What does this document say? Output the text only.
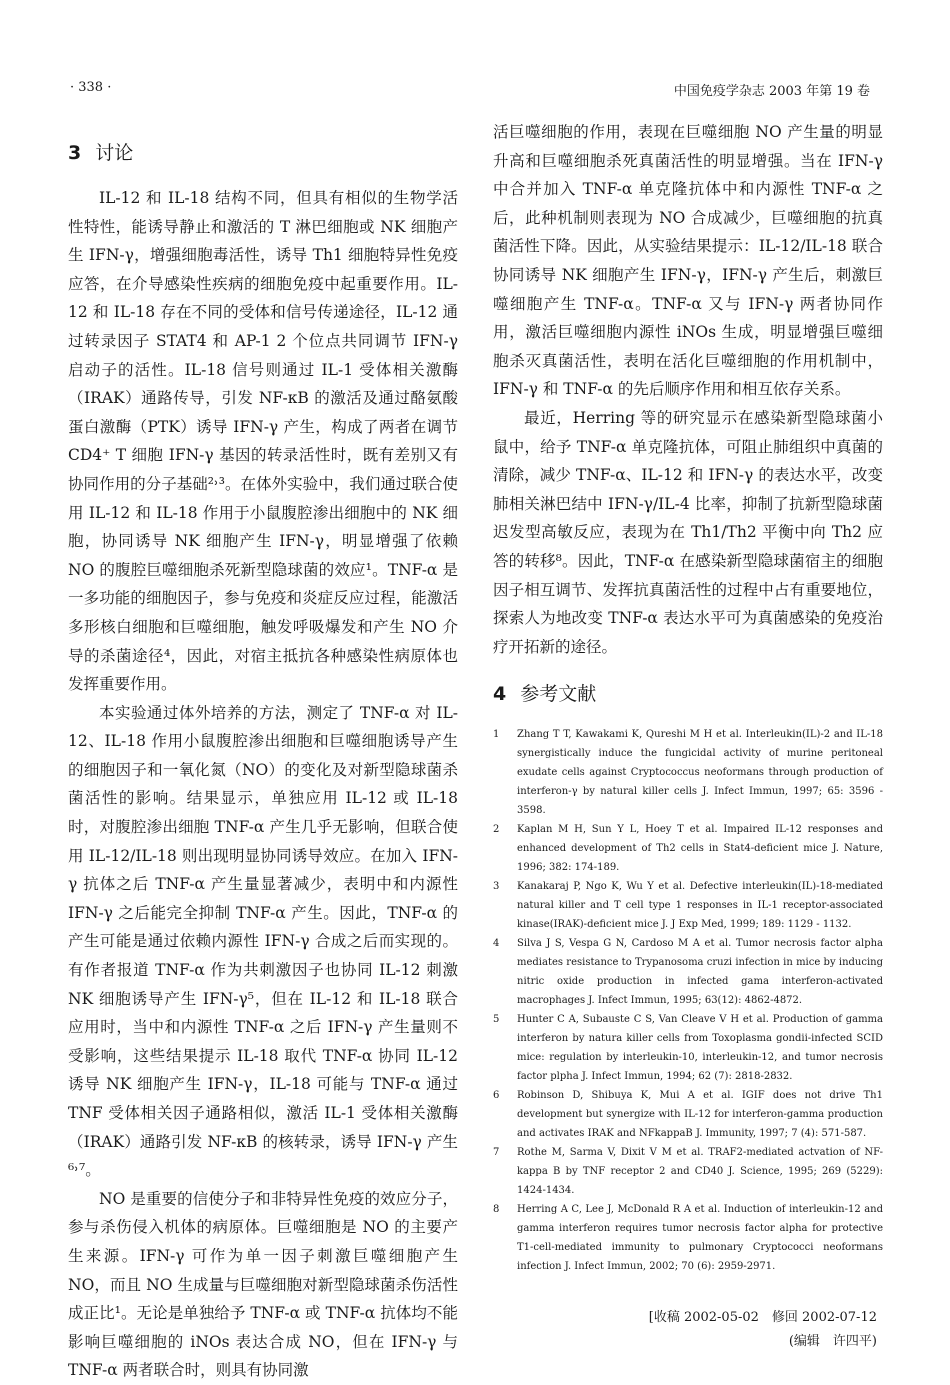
· 338 ·	中国免疫学杂志 2003 年第 19 卷
3 讨论

IL-12 和 IL-18 结构不同，但具有相似的生物学活性特性，能诱导静止和激活的 T 淋巴细胞或 NK 细胞产生 IFN-γ，增强细胞毒活性，诱导 Th1 细胞特异性免疫应答，在介导感染性疾病的细胞免疫中起重要作用。IL-12 和 IL-18 存在不同的受体和信号传递途径，IL-12 通过转录因子 STAT4 和 AP-1 2 个位点共同调节 IFN-γ 启动子的活性。IL-18 信号则通过 IL-1 受体相关激酶（IRAK）通路传导，引发 NF-κB 的激活及通过酪氨酸蛋白激酶（PTK）诱导 IFN-γ 产生，构成了两者在调节 CD4⁺ T 细胞 IFN-γ 基因的转录活性时，既有差别又有协同作用的分子基础²˒³。在体外实验中，我们通过联合使用 IL-12 和 IL-18 作用于小鼠腹腔渗出细胞中的 NK 细胞，协同诱导 NK 细胞产生 IFN-γ，明显增强了依赖 NO 的腹腔巨噬细胞杀死新型隐球菌的效应¹。TNF-α 是一多功能的细胞因子，参与免疫和炎症反应过程，能激活多形核白细胞和巨噬细胞，触发呼吸爆发和产生 NO 介导的杀菌途径⁴，因此，对宿主抵抗各种感染性病原体也发挥重要作用。

本实验通过体外培养的方法，测定了 TNF-α 对 IL-12、IL-18 作用小鼠腹腔渗出细胞和巨噬细胞诱导产生的细胞因子和一氧化氮（NO）的变化及对新型隐球菌杀菌活性的影响。结果显示，单独应用 IL-12 或 IL-18 时，对腹腔渗出细胞 TNF-α 产生几乎无影响，但联合使用 IL-12/IL-18 则出现明显协同诱导效应。在加入 IFN-γ 抗体之后 TNF-α 产生量显著减少，表明中和内源性 IFN-γ 之后能完全抑制 TNF-α 产生。因此，TNF-α 的产生可能是通过依赖内源性 IFN-γ 合成之后而实现的。有作者报道 TNF-α 作为共刺激因子也协同 IL-12 刺激 NK 细胞诱导产生 IFN-γ⁵，但在 IL-12 和 IL-18 联合应用时，当中和内源性 TNF-α 之后 IFN-γ 产生量则不受影响，这些结果提示 IL-18 取代 TNF-α 协同 IL-12 诱导 NK 细胞产生 IFN-γ，IL-18 可能与 TNF-α 通过 TNF 受体相关因子通路相似，激活 IL-1 受体相关激酶（IRAK）通路引发 NF-κB 的核转录，诱导 IFN-γ 产生⁶˒⁷。

NO 是重要的信使分子和非特异性免疫的效应分子，参与杀伤侵入机体的病原体。巨噬细胞是 NO 的主要产生来源。IFN-γ 可作为单一因子刺激巨噬细胞产生 NO，而且 NO 生成量与巨噬细胞对新型隐球菌杀伤活性成正比¹。无论是单独给予 TNF-α 或 TNF-α 抗体均不能影响巨噬细胞的 iNOs 表达合成 NO，但在 IFN-γ 与 TNF-α 两者联合时，则具有协同激

活巨噬细胞的作用，表现在巨噬细胞 NO 产生量的明显升高和巨噬细胞杀死真菌活性的明显增强。当在 IFN-γ 中合并加入 TNF-α 单克隆抗体中和内源性 TNF-α 之后，此种机制则表现为 NO 合成减少，巨噬细胞的抗真菌活性下降。因此，从实验结果提示：IL-12/IL-18 联合协同诱导 NK 细胞产生 IFN-γ，IFN-γ 产生后，刺激巨噬细胞产生 TNF-α。TNF-α 又与 IFN-γ 两者协同作用，激活巨噬细胞内源性 iNOs 生成，明显增强巨噬细胞杀灭真菌活性，表明在活化巨噬细胞的作用机制中，IFN-γ 和 TNF-α 的先后顺序作用和相互依存关系。

最近，Herring 等的研究显示在感染新型隐球菌小鼠中，给予 TNF-α 单克隆抗体，可阻止肺组织中真菌的清除，减少 TNF-α、IL-12 和 IFN-γ 的表达水平，改变肺相关淋巴结中 IFN-γ/IL-4 比率，抑制了抗新型隐球菌迟发型高敏反应，表现为在 Th1/Th2 平衡中向 Th2 应答的转移⁸。因此，TNF-α 在感染新型隐球菌宿主的细胞因子相互调节、发挥抗真菌活性的过程中占有重要地位，探索人为地改变 TNF-α 表达水平可为真菌感染的免疫治疗开拓新的途径。

4 参考文献
1 Zhang T T, Kawakami K, Qureshi M H et al. Interleukin(IL)-2 and IL-18 synergistically induce the fungicidal activity of murine peritoneal exudate cells against Cryptococcus neoformans through production of interferon-γ by natural killer cells J. Infect Immun, 1997; 65: 3596 - 3598.
2 Kaplan M H, Sun Y L, Hoey T et al. Impaired IL-12 responses and enhanced development of Th2 cells in Stat4-deficient mice J. Nature, 1996; 382: 174-189.
3 Kanakaraj P, Ngo K, Wu Y et al. Defective interleukin(IL)-18-mediated natural killer and T cell type 1 responses in IL-1 receptor-associated kinase(IRAK)-deficient mice J. J Exp Med, 1999; 189: 1129 - 1132.
4 Silva J S, Vespa G N, Cardoso M A et al. Tumor necrosis factor alpha mediates resistance to Trypanosoma cruzi infection in mice by inducing nitric oxide production in infected gama interferon-activated macrophages J. Infect Immun, 1995; 63(12): 4862-4872.
5 Hunter C A, Subauste C S, Van Cleave V H et al. Production of gamma interferon by natura killer cells from Toxoplasma gondii-infected SCID mice: regulation by interleukin-10, interleukin-12, and tumor necrosis factor plpha J. Infect Immun, 1994; 62 (7): 2818-2832.
6 Robinson D, Shibuya K, Mui A et al. IGIF does not drive Th1 development but synergize with IL-12 for interferon-gamma production and activates IRAK and NFkappaB J. Immunity, 1997; 7 (4): 571-587.
7 Rothe M, Sarma V, Dixit V M et al. TRAF2-mediated actvation of NF-kappa B by TNF receptor 2 and CD40 J. Science, 1995; 269 (5229): 1424-1434.
8 Herring A C, Lee J, McDonald R A et al. Induction of interleukin-12 and gamma interferon requires tumor necrosis factor alpha for protective T1-cell-mediated immunity to pulmonary Cryptococci neoformans infection J. Infect Immun, 2002; 70 (6): 2959-2971.
[收稿 2002-05-02　修回 2002-07-12
(编辑　许四平)
